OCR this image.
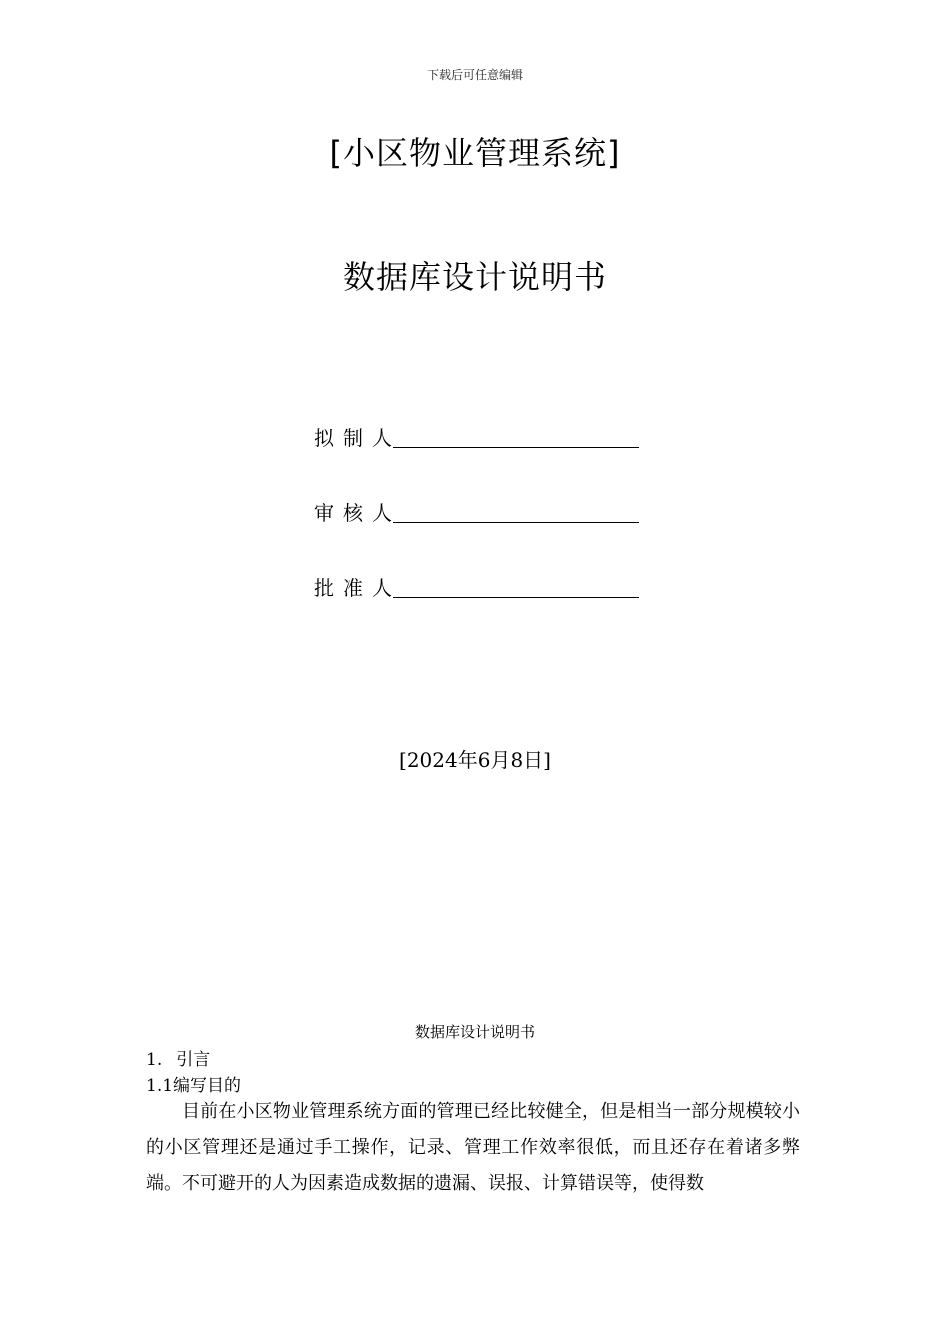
下载后可任意编辑
[小区物业管理系统]
数据库设计说明书
拟制人
审核人
批准人
[2024年6月8日]
数据库设计说明书
1. 引言
1.1编写目的
目前在小区物业管理系统方面的管理已经比较健全，但是相当一部分规模较小的小区管理还是通过手工操作，记录、管理工作效率很低，而且还存在着诸多弊端。不可避开的人为因素造成数据的遗漏、误报、计算错误等，使得数
